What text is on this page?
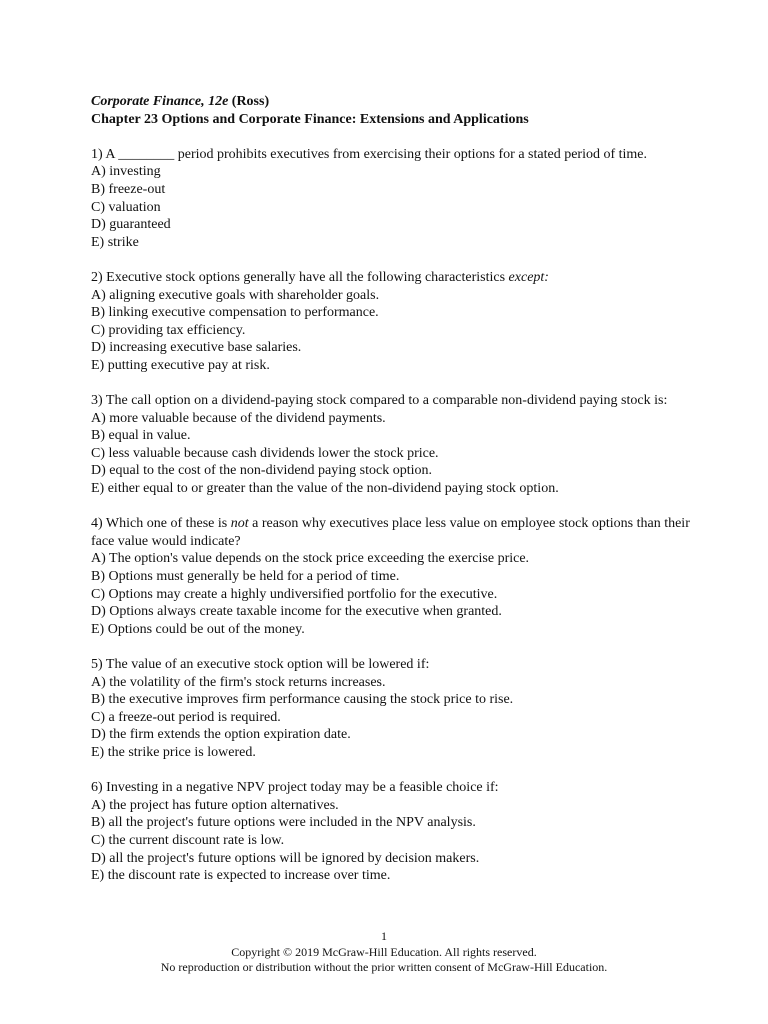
Corporate Finance, 12e (Ross)
Chapter 23 Options and Corporate Finance: Extensions and Applications

1) A ________ period prohibits executives from exercising their options for a stated period of time.

A) investing
B) freeze-out
C) valuation
D) guaranteed
E) strike

2) Executive stock options generally have all the following characteristics except:

A) aligning executive goals with shareholder goals.
B) linking executive compensation to performance.
C) providing tax efficiency.
D) increasing executive base salaries.
E) putting executive pay at risk.

3) The call option on a dividend-paying stock compared to a comparable non-dividend paying stock is:

A) more valuable because of the dividend payments.
B) equal in value.
C) less valuable because cash dividends lower the stock price.
D) equal to the cost of the non-dividend paying stock option.
E) either equal to or greater than the value of the non-dividend paying stock option.

4) Which one of these is not a reason why executives place less value on employee stock options than their face value would indicate?

A) The option's value depends on the stock price exceeding the exercise price.
B) Options must generally be held for a period of time.
C) Options may create a highly undiversified portfolio for the executive.
D) Options always create taxable income for the executive when granted.
E) Options could be out of the money.

5) The value of an executive stock option will be lowered if:

A) the volatility of the firm's stock returns increases.
B) the executive improves firm performance causing the stock price to rise.
C) a freeze-out period is required.
D) the firm extends the option expiration date.
E) the strike price is lowered.

6) Investing in a negative NPV project today may be a feasible choice if:

A) the project has future option alternatives.
B) all the project's future options were included in the NPV analysis.
C) the current discount rate is low.
D) all the project's future options will be ignored by decision makers.
E) the discount rate is expected to increase over time.
1
Copyright © 2019 McGraw-Hill Education. All rights reserved.
No reproduction or distribution without the prior written consent of McGraw-Hill Education.
